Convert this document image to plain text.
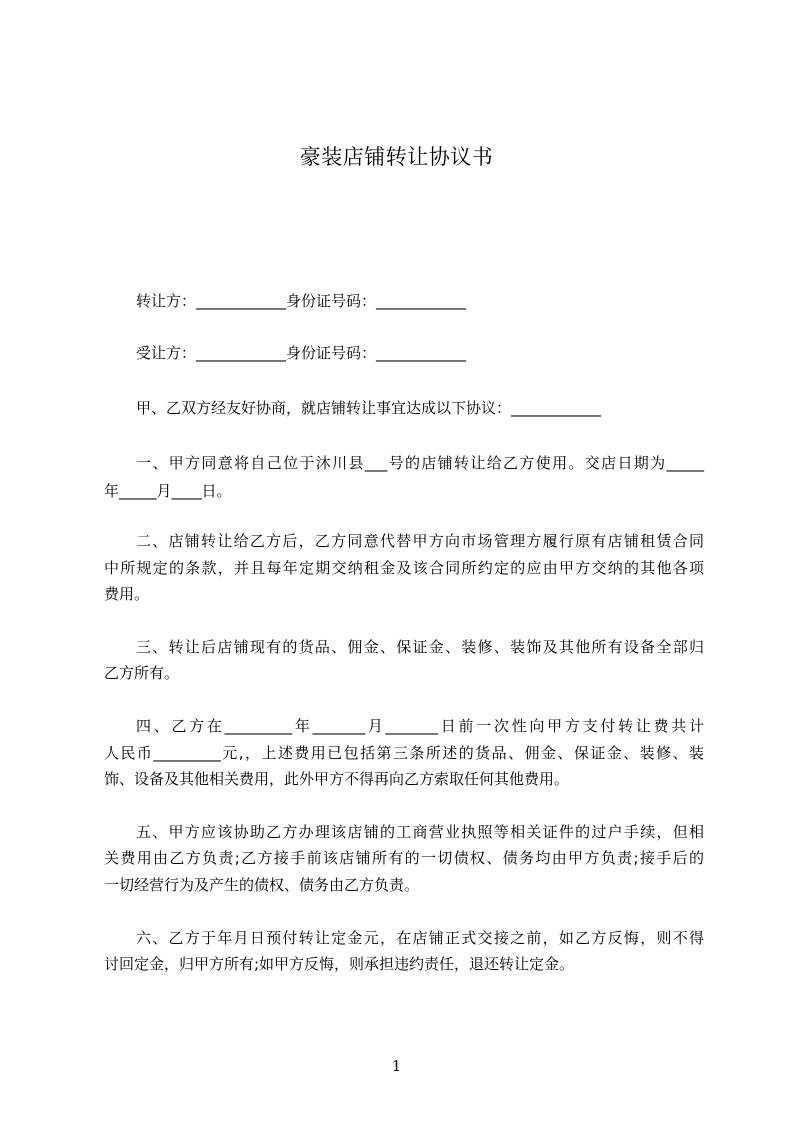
豪装店铺转让协议书
转让方：____________身份证号码：____________
受让方：____________身份证号码：____________
甲、乙双方经友好协商，就店铺转让事宜达成以下协议：____________
一、甲方同意将自己位于沐川县___号的店铺转让给乙方使用。交店日期为_____
年_____月____日。
二、店铺转让给乙方后，乙方同意代替甲方向市场管理方履行原有店铺租赁合同
中所规定的条款，并且每年定期交纳租金及该合同所约定的应由甲方交纳的其他各项
费用。
三、转让后店铺现有的货品、佣金、保证金、装修、装饰及其他所有设备全部归
乙方所有。
四、乙方在_________年_______月_______日前一次性向甲方支付转让费共计
人民币_________元,，上述费用已包括第三条所述的货品、佣金、保证金、装修、装
饰、设备及其他相关费用，此外甲方不得再向乙方索取任何其他费用。
五、甲方应该协助乙方办理该店铺的工商营业执照等相关证件的过户手续，但相
关费用由乙方负责;乙方接手前该店铺所有的一切债权、债务均由甲方负责;接手后的
一切经营行为及产生的债权、债务由乙方负责。
六、乙方于年月日预付转让定金元，在店铺正式交接之前，如乙方反悔，则不得
讨回定金，归甲方所有;如甲方反悔，则承担违约责任，退还转让定金。
1
